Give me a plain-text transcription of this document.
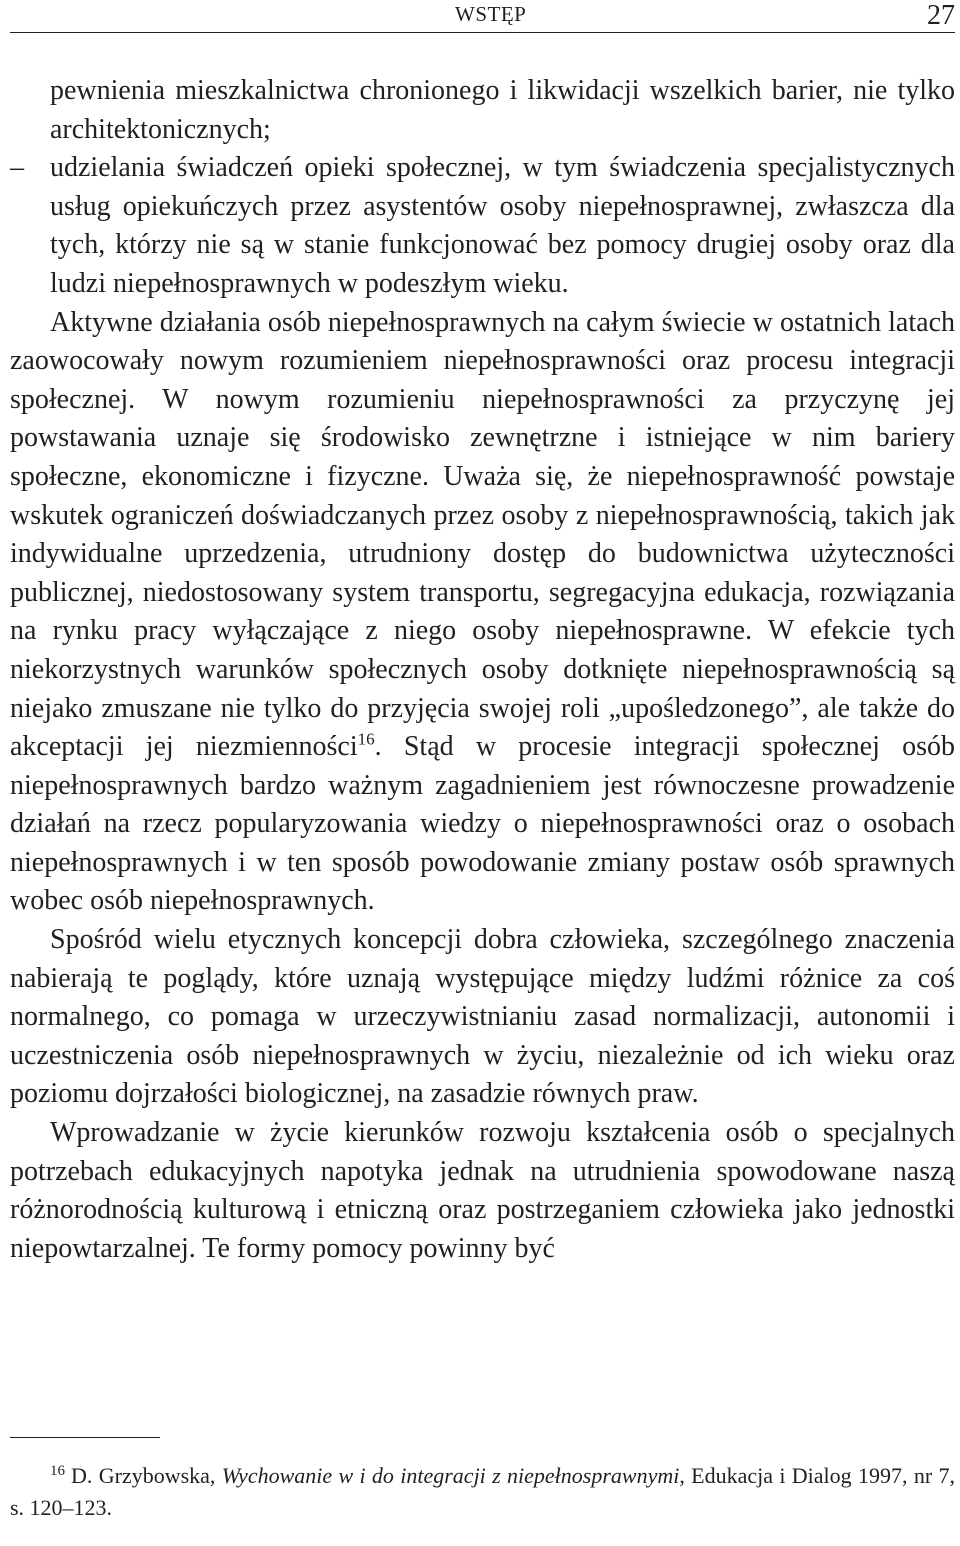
WSTĘP	27

pewnienia mieszkalnictwa chronionego i likwidacji wszelkich barier, nie tylko architektonicznych;

– udzielania świadczeń opieki społecznej, w tym świadczenia specjalistycznych usług opiekuńczych przez asystentów osoby niepełnosprawnej, zwłaszcza dla tych, którzy nie są w stanie funkcjonować bez pomocy drugiej osoby oraz dla ludzi niepełnosprawnych w podeszłym wieku.

Aktywne działania osób niepełnosprawnych na całym świecie w ostatnich latach zaowocowały nowym rozumieniem niepełnosprawności oraz procesu integracji społecznej. W nowym rozumieniu niepełnosprawności za przyczynę jej powstawania uznaje się środowisko zewnętrzne i istniejące w nim bariery społeczne, ekonomiczne i fizyczne. Uważa się, że niepełnosprawność powstaje wskutek ograniczeń doświadczanych przez osoby z niepełnosprawnością, takich jak indywidualne uprzedzenia, utrudniony dostęp do budownictwa użyteczności publicznej, niedostosowany system transportu, segregacyjna edukacja, rozwiązania na rynku pracy wyłączające z niego osoby niepełnosprawne. W efekcie tych niekorzystnych warunków społecznych osoby dotknięte niepełnosprawnością są niejako zmuszane nie tylko do przyjęcia swojej roli „upośledzonego”, ale także do akceptacji jej niezmienności$^{16}$. Stąd w procesie integracji społecznej osób niepełnosprawnych bardzo ważnym zagadnieniem jest równoczesne prowadzenie działań na rzecz popularyzowania wiedzy o niepełnosprawności oraz o osobach niepełnosprawnych i w ten sposób powodowanie zmiany postaw osób sprawnych wobec osób niepełnosprawnych.

Spośród wielu etycznych koncepcji dobra człowieka, szczególnego znaczenia nabierają te poglądy, które uznają występujące między ludźmi różnice za coś normalnego, co pomaga w urzeczywistnianiu zasad normalizacji, autonomii i uczestniczenia osób niepełnosprawnych w życiu, niezależnie od ich wieku oraz poziomu dojrzałości biologicznej, na zasadzie równych praw.

Wprowadzanie w życie kierunków rozwoju kształcenia osób o specjalnych potrzebach edukacyjnych napotyka jednak na utrudnienia spowodowane naszą różnorodnością kulturową i etniczną oraz postrzeganiem człowieka jako jednostki niepowtarzalnej. Te formy pomocy powinny być

$^{16}$ D. Grzybowska, Wychowanie w i do integracji z niepełnosprawnymi, Edukacja i Dialog 1997, nr 7, s. 120–123.
